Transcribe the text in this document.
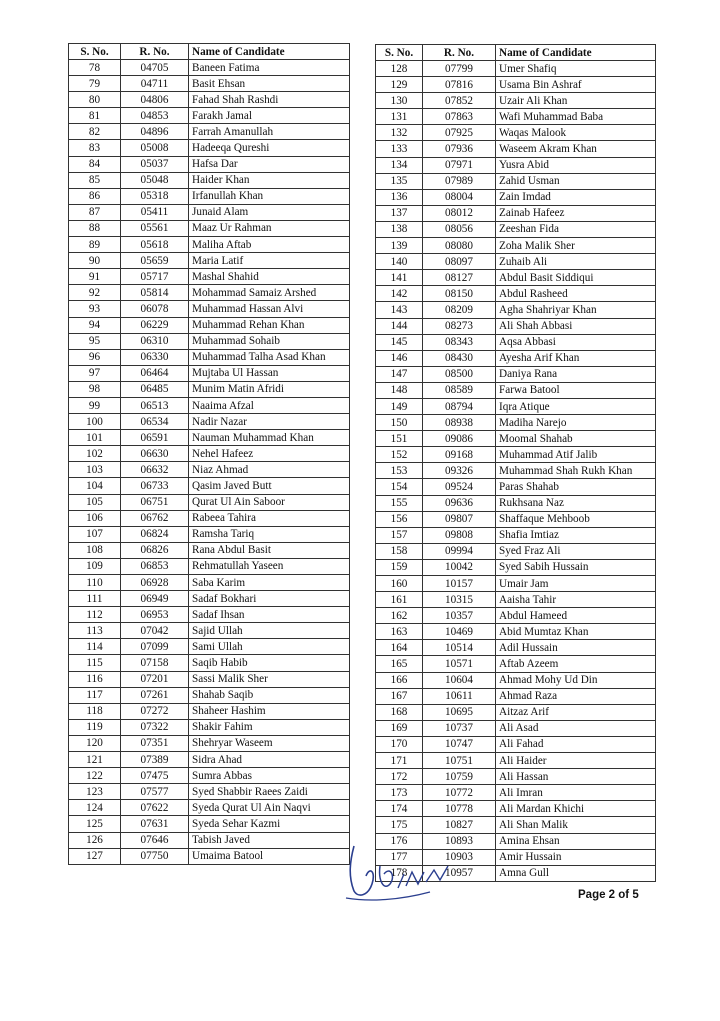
S. No.	R. No.	Name of Candidate
78	04705	Baneen Fatima
79	04711	Basit Ehsan
80	04806	Fahad Shah Rashdi
81	04853	Farakh Jamal
82	04896	Farrah Amanullah
83	05008	Hadeeqa Qureshi
84	05037	Hafsa Dar
85	05048	Haider Khan
86	05318	Irfanullah Khan
87	05411	Junaid Alam
88	05561	Maaz Ur Rahman
89	05618	Maliha Aftab
90	05659	Maria Latif
91	05717	Mashal Shahid
92	05814	Mohammad Samaiz Arshed
93	06078	Muhammad Hassan Alvi
94	06229	Muhammad Rehan Khan
95	06310	Muhammad Sohaib
96	06330	Muhammad Talha Asad Khan
97	06464	Mujtaba Ul Hassan
98	06485	Munim Matin Afridi
99	06513	Naaima Afzal
100	06534	Nadir Nazar
101	06591	Nauman Muhammad Khan
102	06630	Nehel Hafeez
103	06632	Niaz Ahmad
104	06733	Qasim Javed Butt
105	06751	Qurat Ul Ain Saboor
106	06762	Rabeea Tahira
107	06824	Ramsha Tariq
108	06826	Rana Abdul Basit
109	06853	Rehmatullah Yaseen
110	06928	Saba Karim
111	06949	Sadaf Bokhari
112	06953	Sadaf Ihsan
113	07042	Sajid Ullah
114	07099	Sami Ullah
115	07158	Saqib Habib
116	07201	Sassi Malik Sher
117	07261	Shahab Saqib
118	07272	Shaheer Hashim
119	07322	Shakir Fahim
120	07351	Shehryar Waseem
121	07389	Sidra Ahad
122	07475	Sumra Abbas
123	07577	Syed Shabbir Raees Zaidi
124	07622	Syeda Qurat Ul Ain Naqvi
125	07631	Syeda Sehar Kazmi
126	07646	Tabish Javed
127	07750	Umaima Batool
S. No.	R. No.	Name of Candidate
128	07799	Umer Shafiq
129	07816	Usama Bin Ashraf
130	07852	Uzair Ali Khan
131	07863	Wafi Muhammad Baba
132	07925	Waqas Malook
133	07936	Waseem Akram Khan
134	07971	Yusra Abid
135	07989	Zahid Usman
136	08004	Zain Imdad
137	08012	Zainab Hafeez
138	08056	Zeeshan Fida
139	08080	Zoha Malik Sher
140	08097	Zuhaib Ali
141	08127	Abdul Basit Siddiqui
142	08150	Abdul Rasheed
143	08209	Agha Shahriyar Khan
144	08273	Ali Shah Abbasi
145	08343	Aqsa Abbasi
146	08430	Ayesha Arif Khan
147	08500	Daniya Rana
148	08589	Farwa Batool
149	08794	Iqra Atique
150	08938	Madiha Narejo
151	09086	Moomal Shahab
152	09168	Muhammad Atif Jalib
153	09326	Muhammad Shah Rukh Khan
154	09524	Paras Shahab
155	09636	Rukhsana Naz
156	09807	Shaffaque Mehboob
157	09808	Shafia Imtiaz
158	09994	Syed Fraz Ali
159	10042	Syed Sabih Hussain
160	10157	Umair Jam
161	10315	Aaisha Tahir
162	10357	Abdul Hameed
163	10469	Abid Mumtaz Khan
164	10514	Adil Hussain
165	10571	Aftab Azeem
166	10604	Ahmad Mohy Ud Din
167	10611	Ahmad Raza
168	10695	Aitzaz Arif
169	10737	Ali Asad
170	10747	Ali Fahad
171	10751	Ali Haider
172	10759	Ali Hassan
173	10772	Ali Imran
174	10778	Ali Mardan Khichi
175	10827	Ali Shan Malik
176	10893	Amina Ehsan
177	10903	Amir Hussain
178	10957	Amna Gull
Page 2 of 5
